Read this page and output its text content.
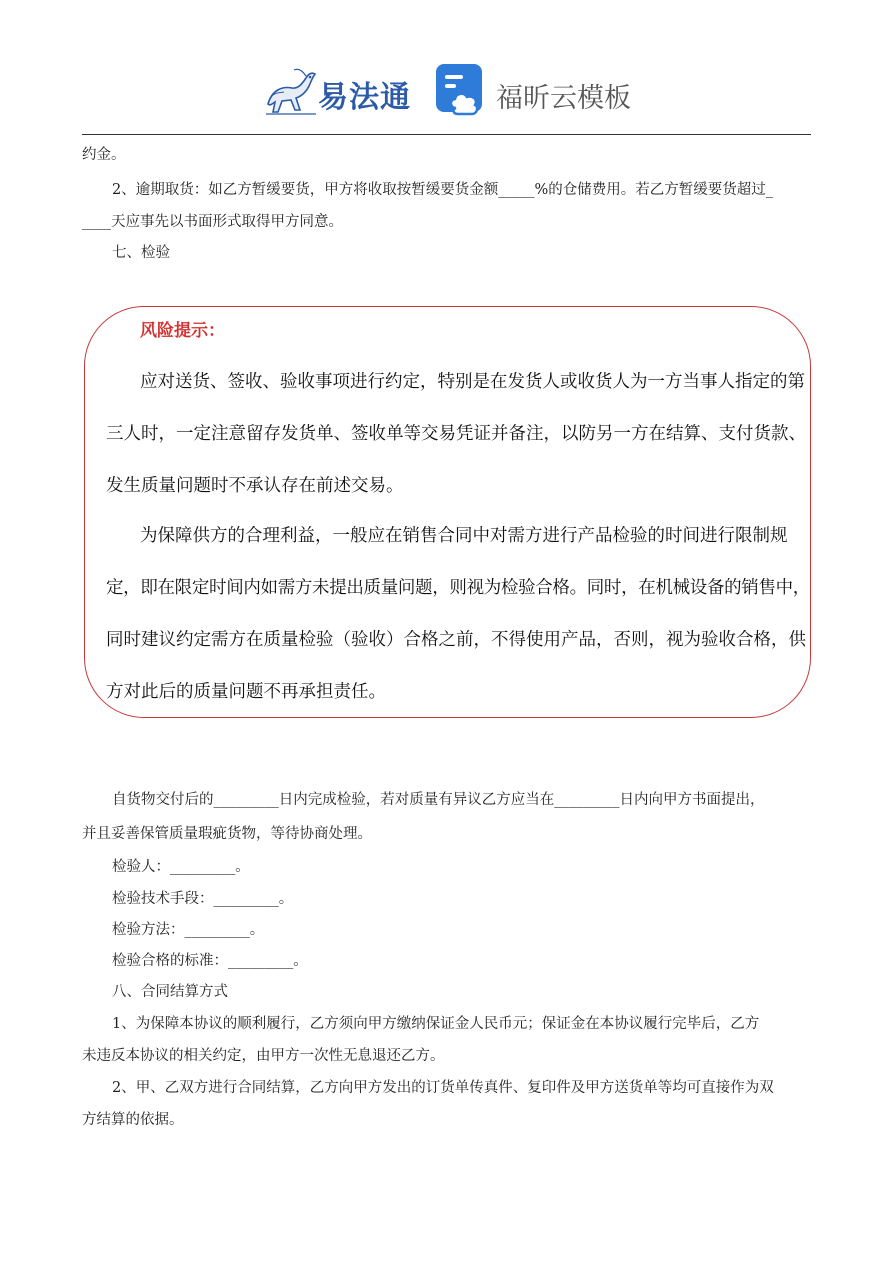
易法通	福昕云模板

约金。

2、逾期取货：如乙方暂缓要货，甲方将收取按暂缓要货金额_____%的仓储费用。若乙方暂缓要货超过_

____天应事先以书面形式取得甲方同意。

七、检验

风险提示：
应对送货、签收、验收事项进行约定，特别是在发货人或收货人为一方当事人指定的第
三人时，一定注意留存发货单、签收单等交易凭证并备注，以防另一方在结算、支付货款、
发生质量问题时不承认存在前述交易。
为保障供方的合理利益，一般应在销售合同中对需方进行产品检验的时间进行限制规
定，即在限定时间内如需方未提出质量问题，则视为检验合格。同时，在机械设备的销售中，
同时建议约定需方在质量检验（验收）合格之前，不得使用产品，否则，视为验收合格，供
方对此后的质量问题不再承担责任。

自货物交付后的_________日内完成检验，若对质量有异议乙方应当在_________日内向甲方书面提出，

并且妥善保管质量瑕疵货物，等待协商处理。

检验人：_________。

检验技术手段：_________。

检验方法：_________。

检验合格的标准：_________。

八、合同结算方式

1、为保障本协议的顺利履行，乙方须向甲方缴纳保证金人民币元；保证金在本协议履行完毕后，乙方

未违反本协议的相关约定，由甲方一次性无息退还乙方。

2、甲、乙双方进行合同结算，乙方向甲方发出的订货单传真件、复印件及甲方送货单等均可直接作为双

方结算的依据。
